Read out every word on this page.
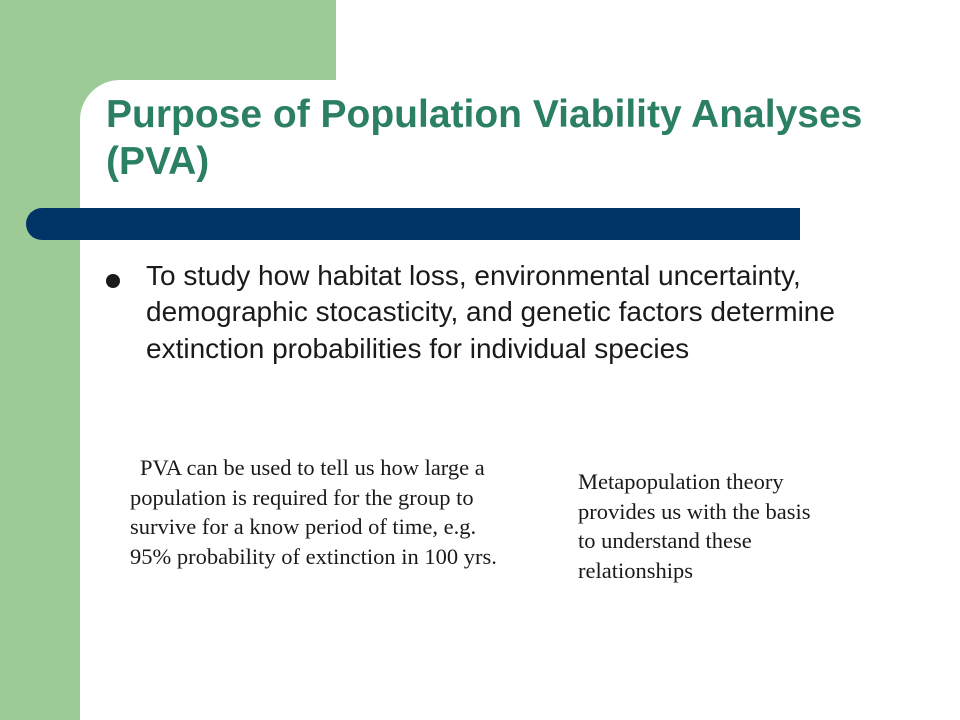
Purpose of Population Viability Analyses (PVA)
To study how habitat loss, environmental uncertainty, demographic stocasticity, and genetic factors determine extinction probabilities for individual species

PVA can be used to tell us how large a population is required for the group to survive for a know period of time, e.g. 95% probability of extinction in 100 yrs.

Metapopulation theory provides us with the basis to understand these relationships
